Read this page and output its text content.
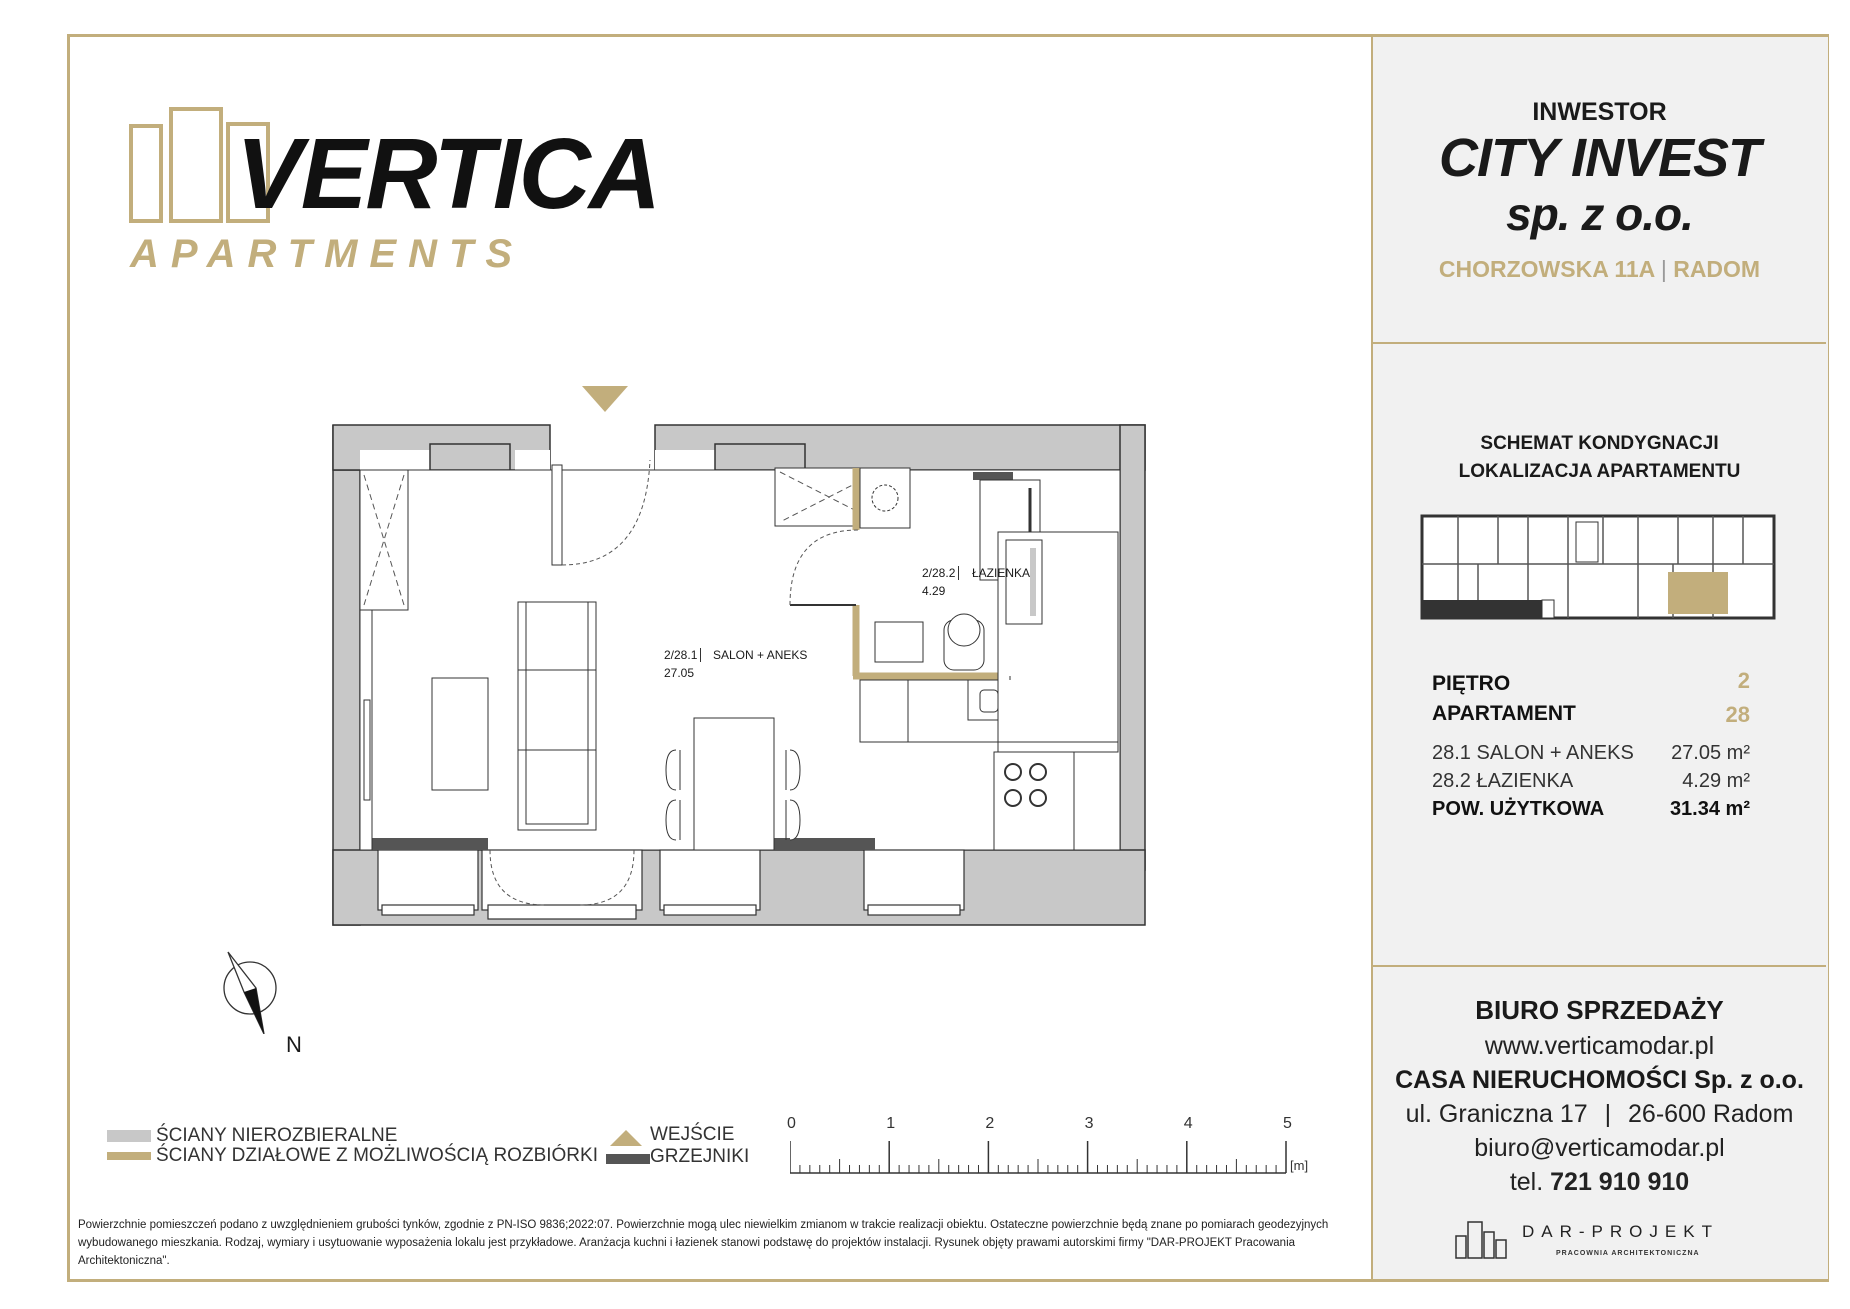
VERTICA
APARTMENTS
INWESTOR
CITY INVEST
sp. z o.o.
CHORZOWSKA 11A | RADOM
SCHEMAT KONDYGNACJI
LOKALIZACJA APARTAMENTU
PIĘTRO	2
APARTAMENT	28
28.1 SALON + ANEKS	27.05 m²
28.2 ŁAZIENKA	4.29 m²
POW. UŻYTKOWA	31.34 m²
BIURO SPRZEDAŻY
www.verticamodar.pl
CASA NIERUCHOMOŚCI Sp. z o.o.
ul. Graniczna 17 | 26-600 Radom
biuro@verticamodar.pl
tel. 721 910 910
DAR-PROJEKT
PRACOWNIA ARCHITEKTONICZNA
2/28.2	ŁAZIENKA
4.29
2/28.1	SALON + ANEKS
27.05
N
ŚCIANY NIEROZBIERALNE
ŚCIANY DZIAŁOWE Z MOŻLIWOŚCIĄ ROZBIÓRKI
WEJŚCIE
GRZEJNIKI
0	1	2	3	4	5
[m]
Powierzchnie pomieszczeń podano z uwzględnieniem grubości tynków, zgodnie z PN-ISO 9836;2022:07. Powierzchnie mogą ulec niewielkim zmianom w trakcie realizacji obiektu. Ostateczne powierzchnie będą znane po pomiarach geodezyjnych wybudowanego mieszkania. Rodzaj, wymiary i usytuowanie wyposażenia lokalu jest przykładowe. Aranżacja kuchni i łazienek stanowi podstawę do projektów instalacji. Rysunek objęty prawami autorskimi firmy "DAR-PROJEKT Pracowania Architektoniczna".
